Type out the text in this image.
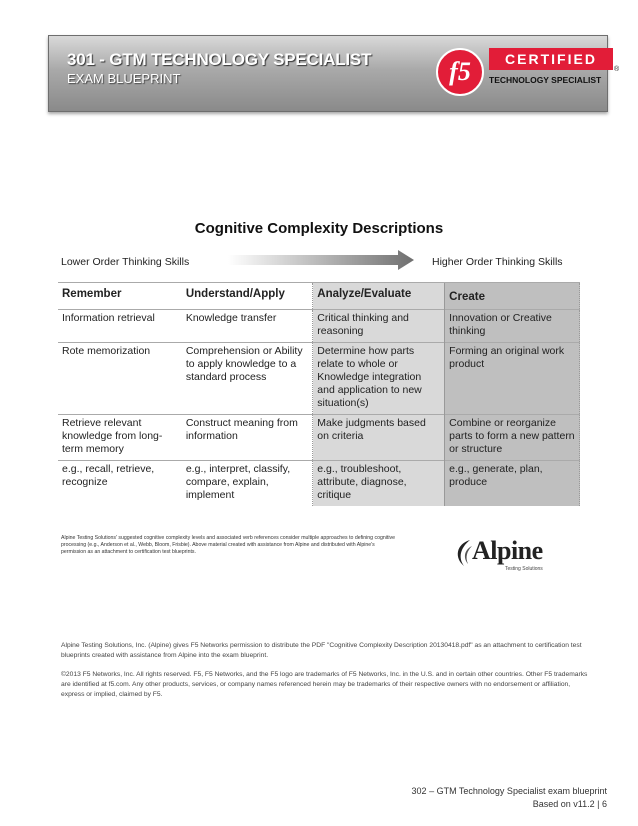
301 - GTM TECHNOLOGY SPECIALIST
EXAM BLUEPRINT	f5	CERTIFIED
TECHNOLOGY SPECIALIST
®
Cognitive Complexity Descriptions
Lower Order Thinking Skills	Higher Order Thinking Skills
Remember	Understand/Apply	Analyze/Evaluate	Create
Information retrieval	Knowledge transfer	Critical thinking and reasoning	Innovation or Creative thinking
Rote memorization	Comprehension or Ability to apply knowledge to a standard process	Determine how parts relate to whole or Knowledge integration and application to new situation(s)	Forming an original work product
Retrieve relevant knowledge from long-term memory	Construct meaning from information	Make judgments based on criteria	Combine or reorganize parts to form a new pattern or structure
e.g., recall, retrieve, recognize	e.g., interpret, classify, compare, explain, implement	e.g., troubleshoot, attribute, diagnose, critique	e.g., generate, plan, produce
Alpine Testing Solutions' suggested cognitive complexity levels and associated verb references consider multiple approaches to defining cognitive processing (e.g., Anderson et al., Webb, Bloom, Frisbie). Above material created with assistance from Alpine and distributed with Alpine's permission as an attachment to certification test blueprints.	Alpine
Testing Solutions
Alpine Testing Solutions, Inc. (Alpine) gives F5 Networks permission to distribute the PDF "Cognitive Complexity Description 20130418.pdf" as an attachment to certification test blueprints created with assistance from Alpine into the exam blueprint.
©2013 F5 Networks, Inc. All rights reserved. F5, F5 Networks, and the F5 logo are trademarks of F5 Networks, Inc. in the U.S. and in certain other countries. Other F5 trademarks are identified at f5.com. Any other products, services, or company names referenced herein may be trademarks of their respective owners with no endorsement or affiliation, express or implied, claimed by F5.
302 – GTM Technology Specialist exam blueprint
Based on v11.2 | 6
